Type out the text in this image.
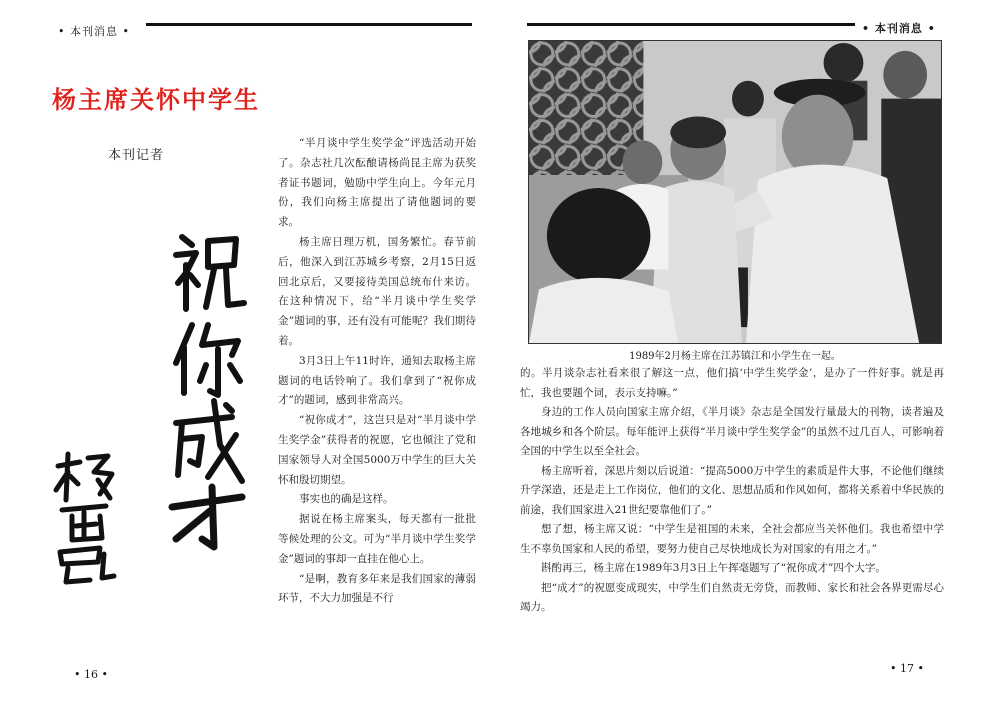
• 本刊消息 •
杨主席关怀中学生
本刊记者

“半月谈中学生奖学金”评选活动开始了。杂志社几次酝酿请杨尚昆主席为获奖者证书题词，勉励中学生向上。今年元月份，我们向杨主席提出了请他题词的要求。

杨主席日理万机，国务繁忙。春节前后，他深入到江苏城乡考察，2月15日返回北京后，又要接待美国总统布什来访。在这种情况下，给“半月谈中学生奖学金”题词的事，还有没有可能呢？我们期待着。

3月3日上午11时许，通知去取杨主席题词的电话铃响了。我们拿到了“祝你成才”的题词，感到非常高兴。

“祝你成才”，这岂只是对“半月谈中学生奖学金”获得者的祝愿，它也倾注了党和国家领导人对全国5000万中学生的巨大关怀和殷切期望。

事实也的确是这样。

据说在杨主席案头，每天都有一批批等候处理的公文。可为“半月谈中学生奖学金”题词的事却一直挂在他心上。

“是啊，教育多年来是我们国家的薄弱环节，不大力加强是不行

• 16 •
• 本刊消息 •
1989年2月杨主席在江苏镇江和小学生在一起。

的。半月谈杂志社看来很了解这一点，他们搞‘中学生奖学金’，是办了一件好事。就是再忙，我也要题个词，表示支持嘛。”

身边的工作人员向国家主席介绍，《半月谈》杂志是全国发行量最大的刊物，读者遍及各地城乡和各个阶层。每年能评上获得“半月谈中学生奖学金”的虽然不过几百人，可影响着全国的中学生以至全社会。

杨主席听着，深思片刻以后说道：“提高5000万中学生的素质是件大事，不论他们继续升学深造，还是走上工作岗位，他们的文化、思想品质和作风如何，都将关系着中华民族的前途，我们国家进入21世纪要靠他们了。”

想了想，杨主席又说：“中学生是祖国的未来，全社会都应当关怀他们。我也希望中学生不辜负国家和人民的希望，要努力使自己尽快地成长为对国家的有用之才。”

斟酌再三，杨主席在1989年3月3日上午挥毫题写了“祝你成才”四个大字。

把“成才”的祝愿变成现实，中学生们自然责无旁贷，而教师、家长和社会各界更需尽心竭力。

• 17 •
